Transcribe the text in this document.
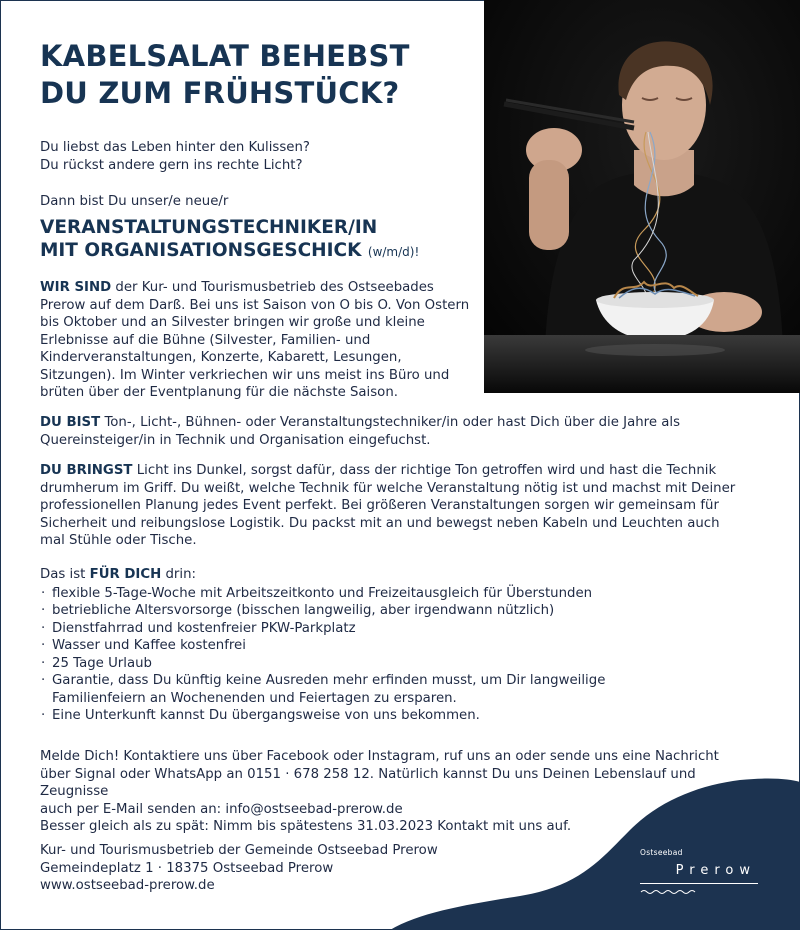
KABELSALAT BEHEBST
DU ZUM FRÜHSTÜCK?
Du liebst das Leben hinter den Kulissen?
Du rückst andere gern ins rechte Licht?
Dann bist Du unser/e neue/r
VERANSTALTUNGSTECHNIKER/IN
MIT ORGANISATIONSGESCHICK (w/m/d)!
WIR SIND der Kur- und Tourismusbetrieb des Ostseebades Prerow auf dem Darß. Bei uns ist Saison von O bis O. Von Ostern bis Oktober und an Silvester bringen wir große und kleine Erlebnisse auf die Bühne (Silvester, Familien- und Kinderveranstaltungen, Konzerte, Kabarett, Lesungen, Sitzungen). Im Winter verkriechen wir uns meist ins Büro und brüten über der Eventplanung für die nächste Saison.
DU BIST Ton-, Licht-, Bühnen- oder Veranstaltungstechniker/in oder hast Dich über die Jahre als Quereinsteiger/in in Technik und Organisation eingefuchst.
DU BRINGST Licht ins Dunkel, sorgst dafür, dass der richtige Ton getroffen wird und hast die Technik drumherum im Griff. Du weißt, welche Technik für welche Veranstaltung nötig ist und machst mit Deiner professionellen Planung jedes Event perfekt. Bei größeren Veranstaltungen sorgen wir gemeinsam für Sicherheit und reibungslose Logistik. Du packst mit an und bewegst neben Kabeln und Leuchten auch mal Stühle oder Tische.
Das ist FÜR DICH drin:
· flexible 5-Tage-Woche mit Arbeitszeitkonto und Freizeitausgleich für Überstunden
· betriebliche Altersvorsorge (bisschen langweilig, aber irgendwann nützlich)
· Dienstfahrrad und kostenfreier PKW-Parkplatz
· Wasser und Kaffee kostenfrei
· 25 Tage Urlaub
· Garantie, dass Du künftig keine Ausreden mehr erfinden musst, um Dir langweilige Familienfeiern an Wochenenden und Feiertagen zu ersparen.
· Eine Unterkunft kannst Du übergangsweise von uns bekommen.
Melde Dich! Kontaktiere uns über Facebook oder Instagram, ruf uns an oder sende uns eine Nachricht
über Signal oder WhatsApp an 0151 · 678 258 12. Natürlich kannst Du uns Deinen Lebenslauf und Zeugnisse
auch per E-Mail senden an: info@ostseebad-prerow.de
Besser gleich als zu spät: Nimm bis spätestens 31.03.2023 Kontakt mit uns auf.
Kur- und Tourismusbetrieb der Gemeinde Ostseebad Prerow
Gemeindeplatz 1 · 18375 Ostseebad Prerow
www.ostseebad-prerow.de
Ostseebad
Prerow
